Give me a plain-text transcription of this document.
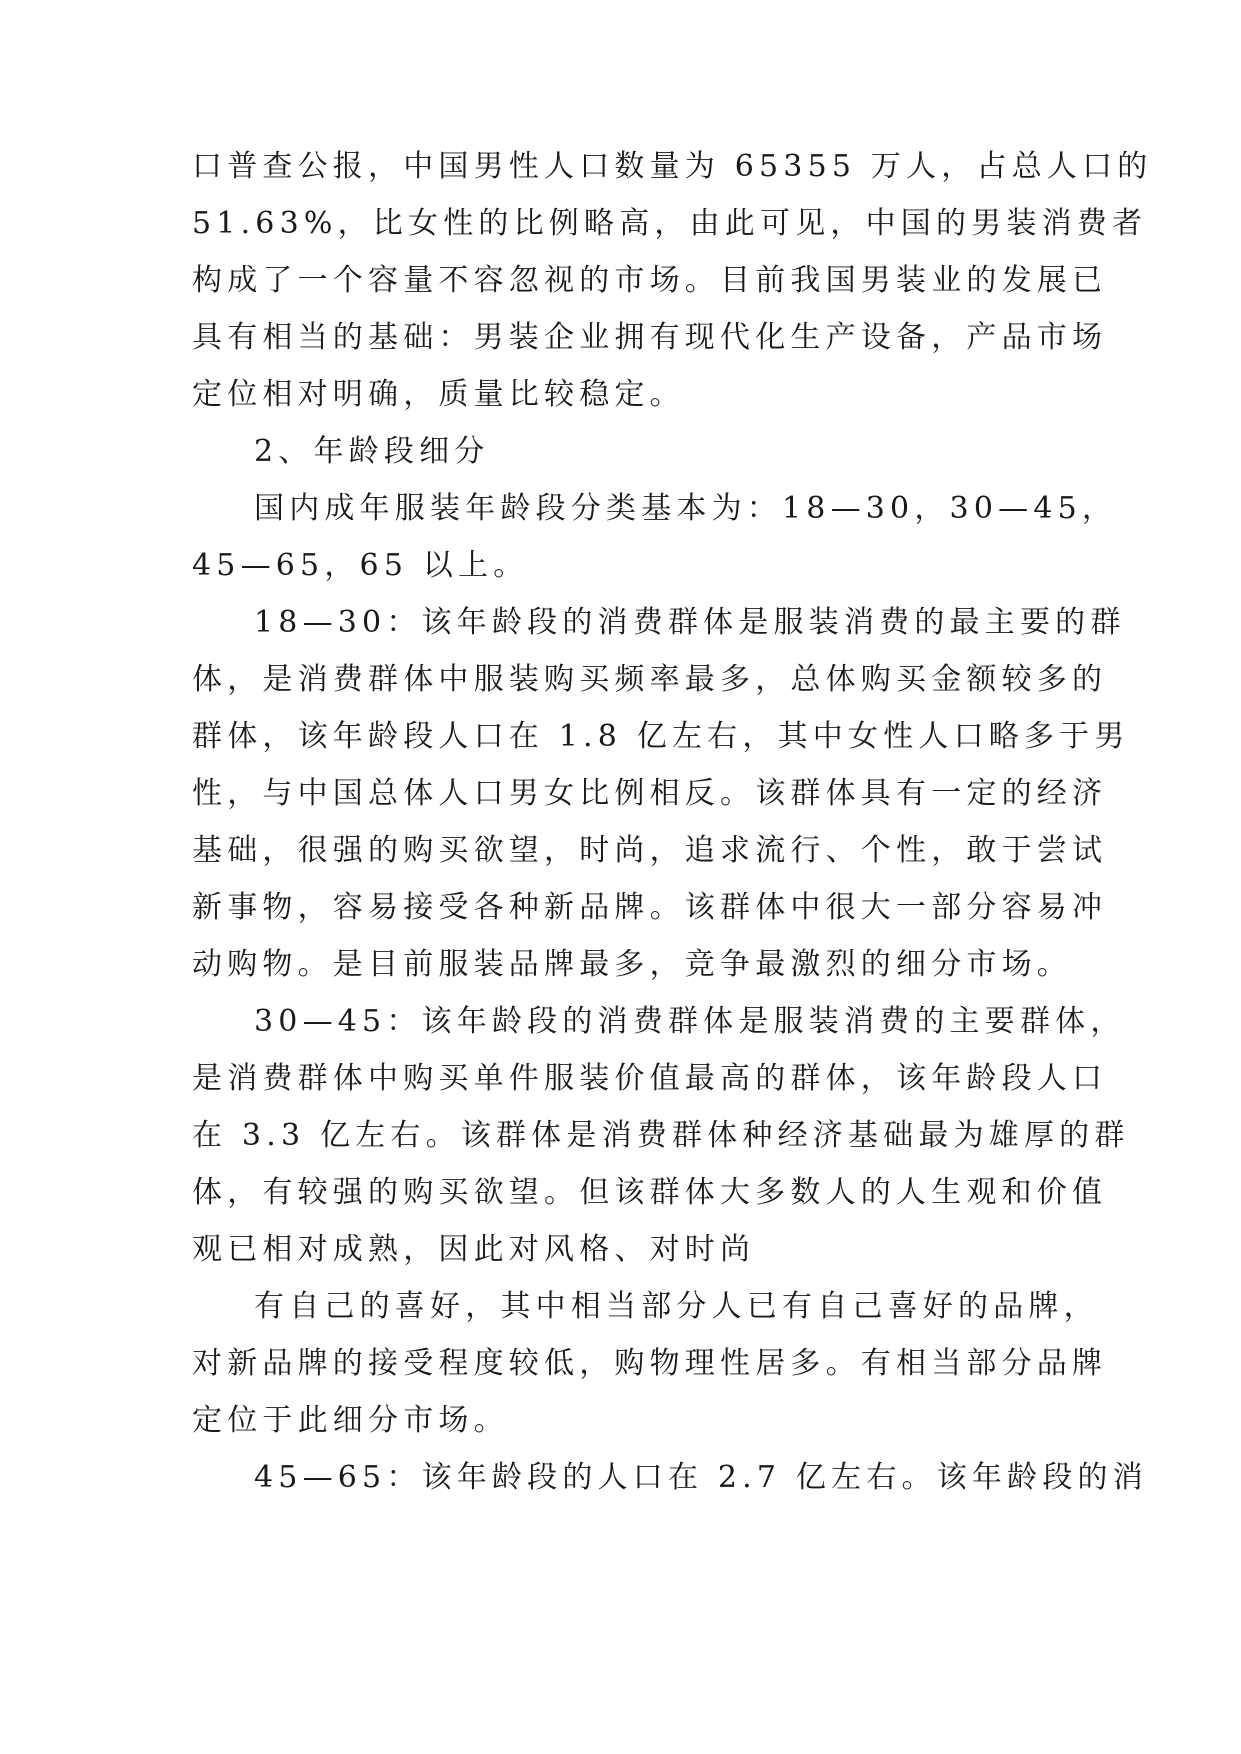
口普查公报，中国男性人口数量为 65355 万人，占总人口的
51.63%，比女性的比例略高，由此可见，中国的男装消费者
构成了一个容量不容忽视的市场。目前我国男装业的发展已
具有相当的基础：男装企业拥有现代化生产设备，产品市场
定位相对明确，质量比较稳定。
2、年龄段细分
国内成年服装年龄段分类基本为：18—30，30—45，
45—65，65 以上。
18—30：该年龄段的消费群体是服装消费的最主要的群
体，是消费群体中服装购买频率最多，总体购买金额较多的
群体，该年龄段人口在 1.8 亿左右，其中女性人口略多于男
性，与中国总体人口男女比例相反。该群体具有一定的经济
基础，很强的购买欲望，时尚，追求流行、个性，敢于尝试
新事物，容易接受各种新品牌。该群体中很大一部分容易冲
动购物。是目前服装品牌最多，竞争最激烈的细分市场。
30—45：该年龄段的消费群体是服装消费的主要群体，
是消费群体中购买单件服装价值最高的群体，该年龄段人口
在 3.3 亿左右。该群体是消费群体种经济基础最为雄厚的群
体，有较强的购买欲望。但该群体大多数人的人生观和价值
观已相对成熟，因此对风格、对时尚
有自己的喜好，其中相当部分人已有自己喜好的品牌，
对新品牌的接受程度较低，购物理性居多。有相当部分品牌
定位于此细分市场。
45—65：该年龄段的人口在 2.7 亿左右。该年龄段的消
